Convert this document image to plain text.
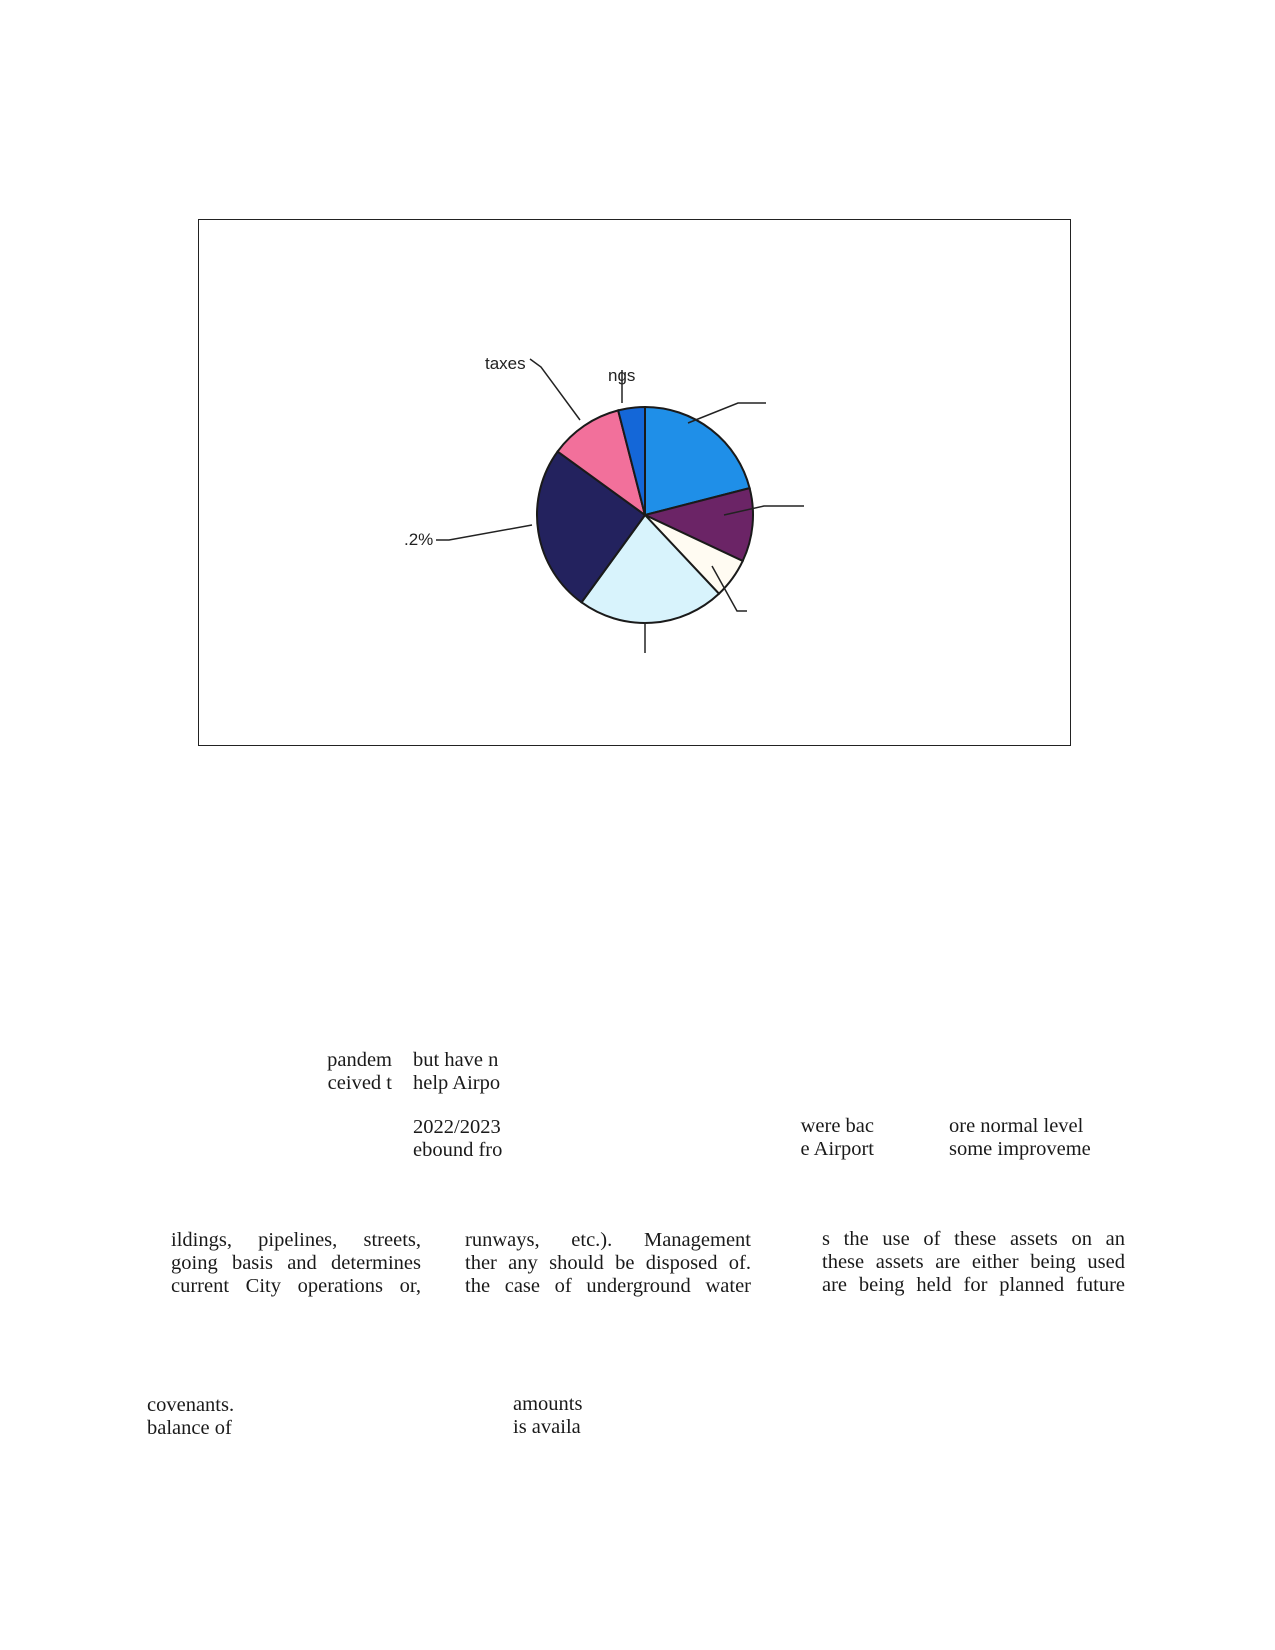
taxes
ngs
.2%
pandem
ceived t
but have n
help Airpo
2022/2023
ebound fro
were bac
e Airport
ore normal level
some improveme
ildings, pipelines, streets,
going basis and determines
current City operations or,
runways, etc.). Management
ther any should be disposed of.
the case of underground water
s the use of these assets on an
these assets are either being used
are being held for planned future
covenants.
balance of
amounts
is availa
